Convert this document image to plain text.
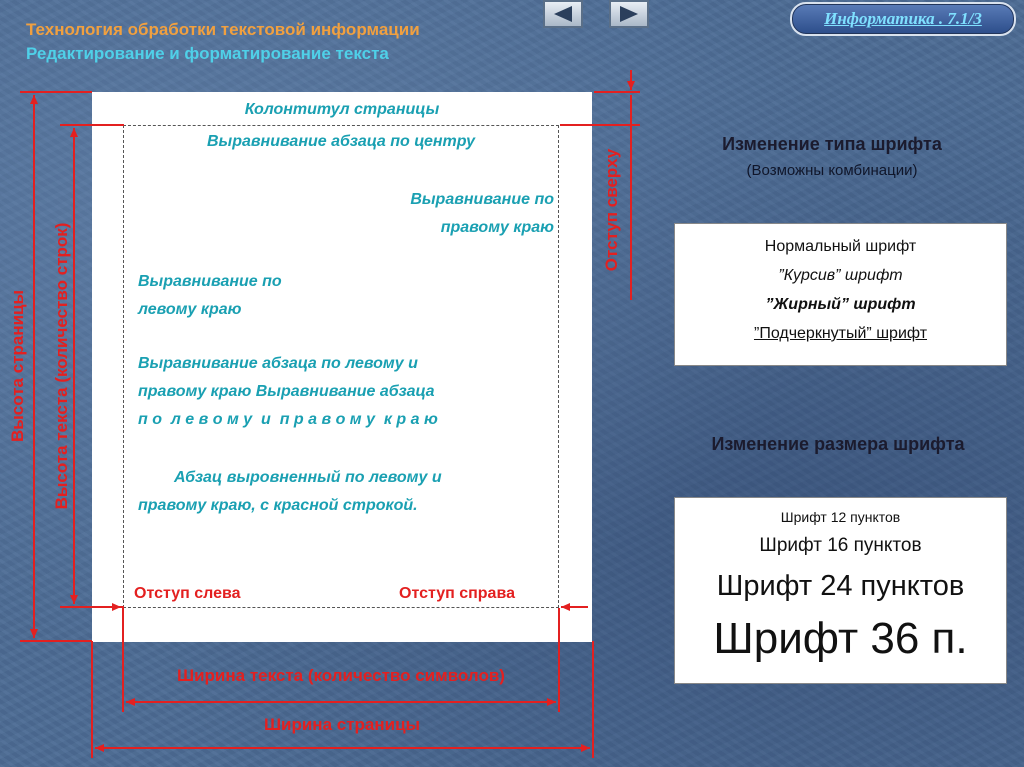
Технология обработки текстовой информации
Редактирование и форматирование текста
Информатика . 7.1/3
Высота страницы Высота текста (количество строк)
Отступ сверху
Колонтитул страницы
Выравнивание абзаца по центру
Выравнивание по
правому краю
Выравнивание по
левому краю
Выравнивание абзаца по левому и
правому краю Выравнивание абзаца
п о  л е в о м у  и  п р а в о м у  к р а ю
Абзац выровненный по левому и
правому краю, с красной строкой.
Отступ слева	Отступ справа
Ширина текста (количество символов)
Ширина страницы
Изменение типа шрифта
(Возможны комбинации)
Нормальный шрифт
”Курсив” шрифт
”Жирный” шрифт
”Подчеркнутый” шрифт
Изменение размера шрифта
Шрифт 12 пунктов
Шрифт 16 пунктов
Шрифт 24 пунктов
Шрифт 36 п.
